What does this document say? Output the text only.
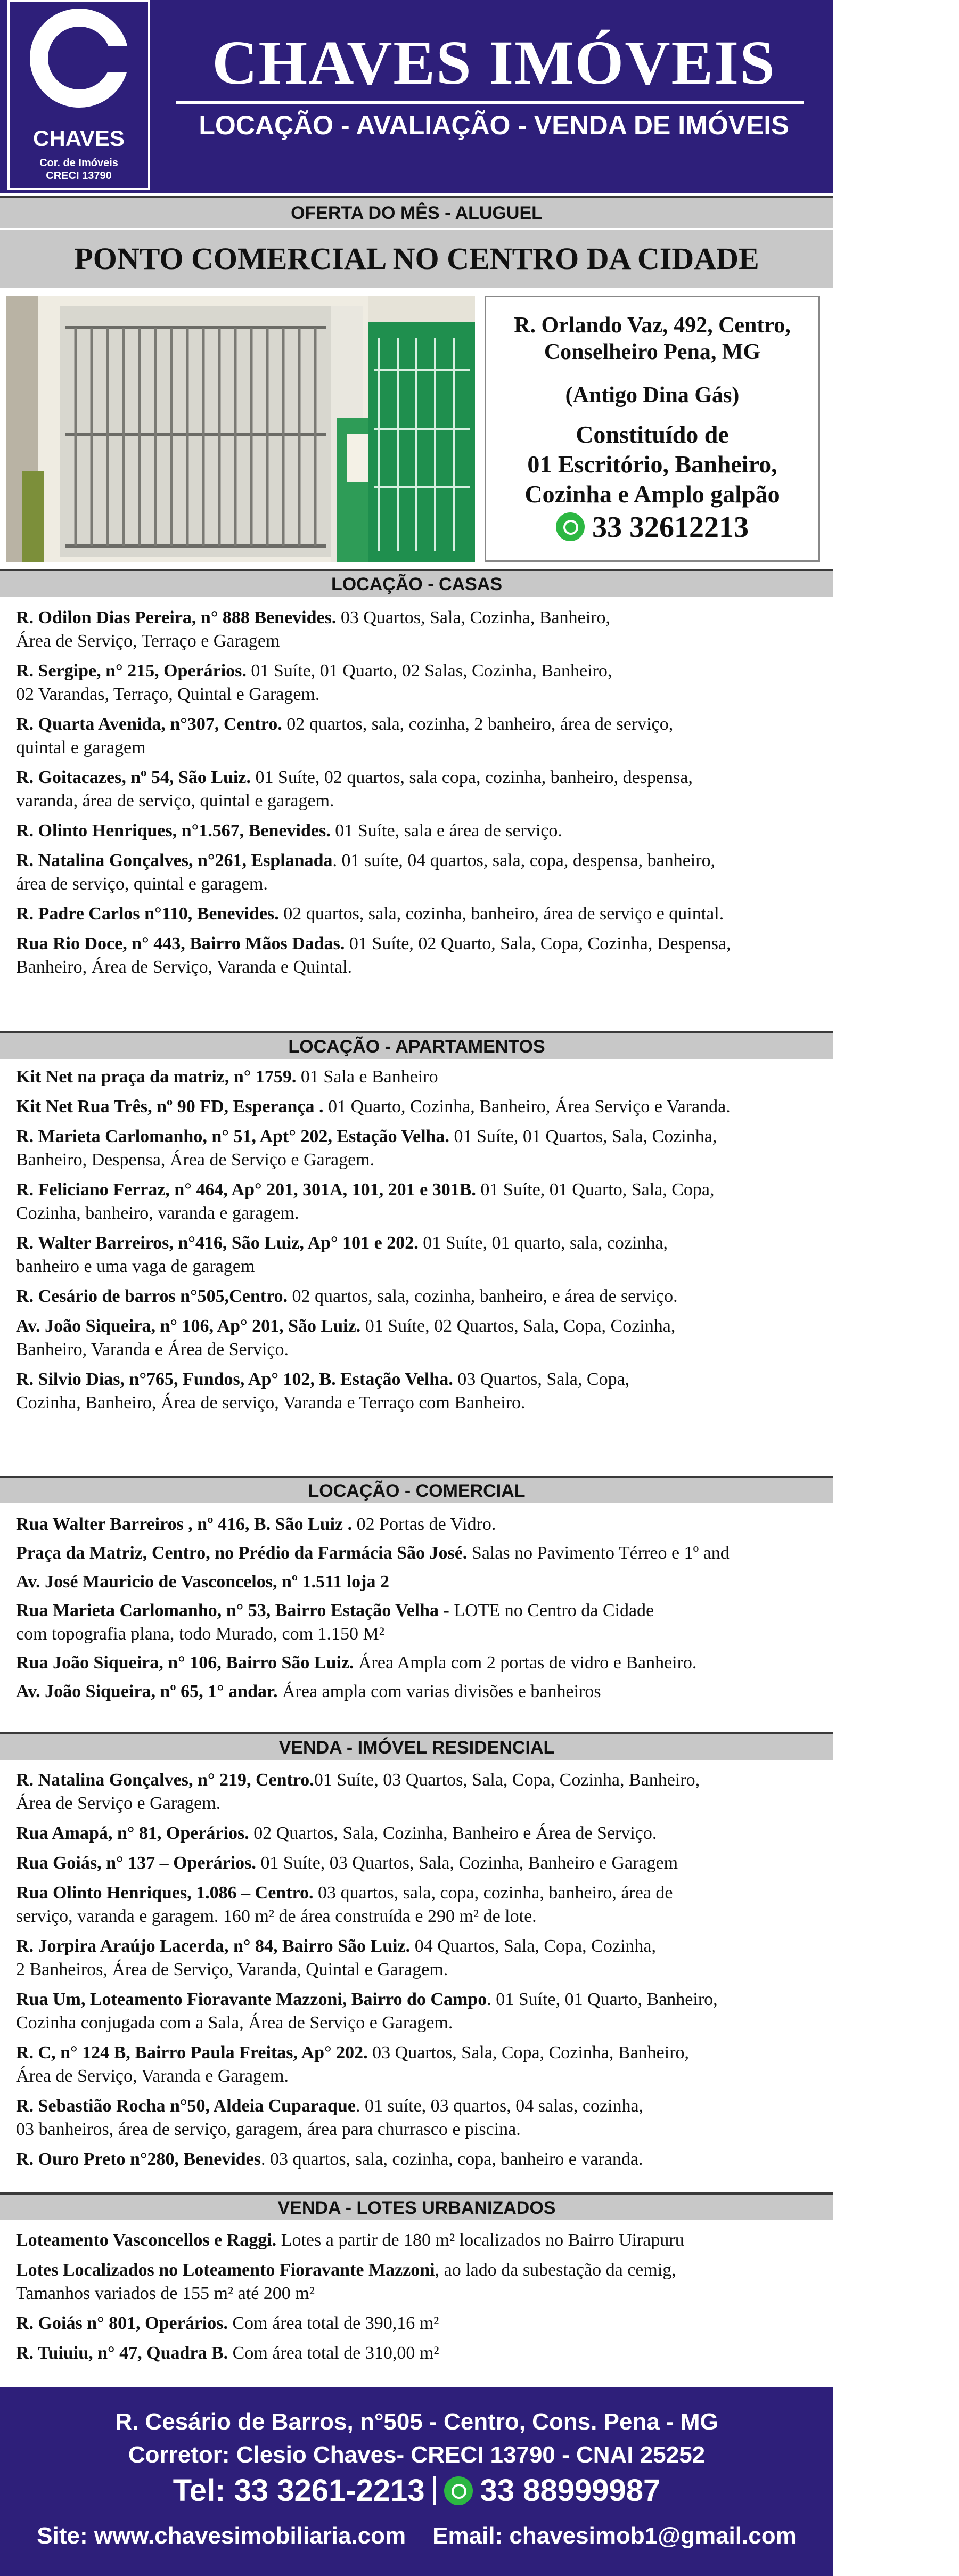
CHAVES
Cor. de Imóveis
CRECI 13790
CHAVES IMÓVEIS
LOCAÇÃO - AVALIAÇÃO - VENDA DE IMÓVEIS
OFERTA DO MÊS - ALUGUEL
PONTO COMERCIAL NO CENTRO DA CIDADE
R. Orlando Vaz, 492, Centro,
Conselheiro Pena, MG
(Antigo Dina Gás)
Constituído de
01 Escritório, Banheiro,
Cozinha e Amplo galpão
33 32612213
LOCAÇÃO - CASAS
R. Odilon Dias Pereira, n° 888 Benevides. 03 Quartos, Sala, Cozinha, Banheiro,
Área de Serviço, Terraço e Garagem
R. Sergipe, n° 215, Operários. 01 Suíte, 01 Quarto, 02 Salas, Cozinha, Banheiro,
02 Varandas, Terraço, Quintal e Garagem.
R. Quarta Avenida, n°307, Centro. 02 quartos, sala, cozinha, 2 banheiro, área de serviço,
quintal e garagem
R. Goitacazes, nº 54, São Luiz. 01 Suíte, 02 quartos, sala copa, cozinha, banheiro, despensa,
varanda, área de serviço, quintal e garagem.
R. Olinto Henriques, n°1.567, Benevides. 01 Suíte, sala e área de serviço.
R. Natalina Gonçalves, n°261, Esplanada. 01 suíte, 04 quartos, sala, copa, despensa, banheiro,
área de serviço, quintal e garagem.
R. Padre Carlos n°110, Benevides. 02 quartos, sala, cozinha, banheiro, área de serviço e quintal.
Rua Rio Doce, n° 443, Bairro Mãos Dadas. 01 Suíte, 02 Quarto, Sala, Copa, Cozinha, Despensa,
Banheiro, Área de Serviço, Varanda e Quintal.
LOCAÇÃO - APARTAMENTOS
Kit Net na praça da matriz, n° 1759. 01 Sala e Banheiro
Kit Net Rua Três, nº 90 FD, Esperança . 01 Quarto, Cozinha, Banheiro, Área Serviço e Varanda.
R. Marieta Carlomanho, n° 51, Apt° 202, Estação Velha. 01 Suíte, 01 Quartos, Sala, Cozinha,
Banheiro, Despensa, Área de Serviço e Garagem.
R. Feliciano Ferraz, n° 464, Ap° 201, 301A, 101, 201 e 301B. 01 Suíte, 01 Quarto, Sala, Copa,
Cozinha, banheiro, varanda e garagem.
R. Walter Barreiros, n°416, São Luiz, Ap° 101 e 202. 01 Suíte, 01 quarto, sala, cozinha,
banheiro e uma vaga de garagem
R. Cesário de barros n°505,Centro. 02 quartos, sala, cozinha, banheiro, e área de serviço.
Av. João Siqueira, n° 106, Ap° 201, São Luiz. 01 Suíte, 02 Quartos, Sala, Copa, Cozinha,
Banheiro, Varanda e Área de Serviço.
R. Silvio Dias, n°765, Fundos, Ap° 102, B. Estação Velha. 03 Quartos, Sala, Copa,
Cozinha, Banheiro, Área de serviço, Varanda e Terraço com Banheiro.
LOCAÇÃO - COMERCIAL
Rua Walter Barreiros , nº 416, B. São Luiz . 02 Portas de Vidro.
Praça da Matriz, Centro, no Prédio da Farmácia São José. Salas no Pavimento Térreo e 1º and
Av. José Mauricio de Vasconcelos, nº 1.511 loja 2
Rua Marieta Carlomanho, n° 53, Bairro Estação Velha - LOTE no Centro da Cidade
com topografia plana, todo Murado, com 1.150 M²
Rua João Siqueira, n° 106, Bairro São Luiz. Área Ampla com 2 portas de vidro e Banheiro.
Av. João Siqueira, nº 65, 1° andar. Área ampla com varias divisões e banheiros
VENDA - IMÓVEL RESIDENCIAL
R. Natalina Gonçalves, n° 219, Centro.01 Suíte, 03 Quartos, Sala, Copa, Cozinha, Banheiro,
Área de Serviço e Garagem.
Rua Amapá, n° 81, Operários. 02 Quartos, Sala, Cozinha, Banheiro e Área de Serviço.
Rua Goiás, n° 137 – Operários. 01 Suíte, 03 Quartos, Sala, Cozinha, Banheiro e Garagem
Rua Olinto Henriques, 1.086 – Centro. 03 quartos, sala, copa, cozinha, banheiro, área de
serviço, varanda e garagem. 160 m² de área construída e 290 m² de lote.
R. Jorpira Araújo Lacerda, n° 84, Bairro São Luiz. 04 Quartos, Sala, Copa, Cozinha,
2 Banheiros, Área de Serviço, Varanda, Quintal e Garagem.
Rua Um, Loteamento Fioravante Mazzoni, Bairro do Campo. 01 Suíte, 01 Quarto, Banheiro,
Cozinha conjugada com a Sala, Área de Serviço e Garagem.
R. C, n° 124 B, Bairro Paula Freitas, Ap° 202. 03 Quartos, Sala, Copa, Cozinha, Banheiro,
Área de Serviço, Varanda e Garagem.
R. Sebastião Rocha n°50, Aldeia Cuparaque. 01 suíte, 03 quartos, 04 salas, cozinha,
03 banheiros, área de serviço, garagem, área para churrasco e piscina.
R. Ouro Preto n°280, Benevides. 03 quartos, sala, cozinha, copa, banheiro e varanda.
VENDA - LOTES URBANIZADOS
Loteamento Vasconcellos e Raggi. Lotes a partir de 180 m² localizados no Bairro Uirapuru
Lotes Localizados no Loteamento Fioravante Mazzoni, ao lado da subestação da cemig,
Tamanhos variados de 155 m² até 200 m²
R. Goiás n° 801, Operários. Com área total de 390,16 m²
R. Tuiuiu, n° 47, Quadra B. Com área total de 310,00 m²
R. Cesário de Barros, n°505 - Centro, Cons. Pena - MG
Corretor: Clesio Chaves- CRECI 13790 - CNAI 25252
Tel: 33 3261-2213 33 88999987
Site: www.chavesimobiliaria.com Email: chavesimob1@gmail.com
